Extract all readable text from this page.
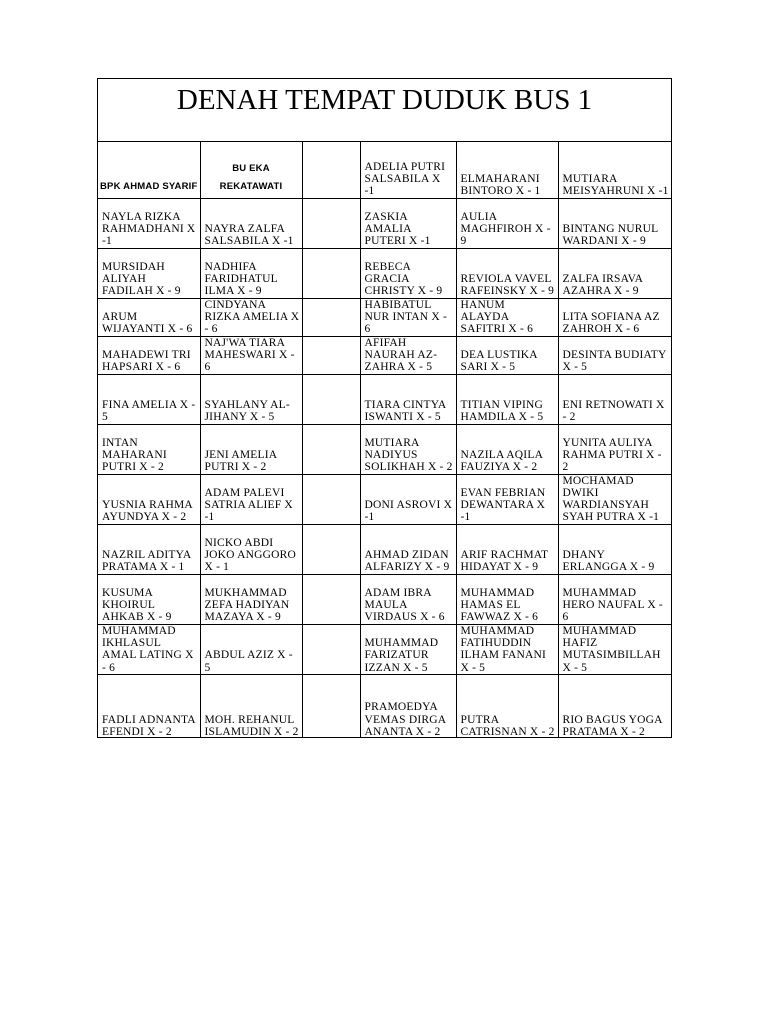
DENAH TEMPAT DUDUK BUS 1
BPK AHMAD SYARIF	BU EKA REKATAWATI		ADELIA PUTRI SALSABILA X -1	ELMAHARANI BINTORO X - 1	MUTIARA MEISYAHRUNI X -1
NAYLA RIZKA RAHMADHANI X -1	NAYRA ZALFA SALSABILA X -1		ZASKIA AMALIA PUTERI X -1	AULIA MAGHFIROH X - 9	BINTANG NURUL WARDANI X - 9
MURSIDAH ALIYAH FADILAH X - 9	NADHIFA FARIDHATUL ILMA X - 9		REBECA GRACIA CHRISTY X - 9	REVIOLA VAVEL RAFEINSKY X - 9	ZALFA IRSAVA AZAHRA X - 9
ARUM WIJAYANTI X - 6	CINDYANA RIZKA AMELIA X - 6		HABIBATUL NUR INTAN X - 6	HANUM ALAYDA SAFITRI X - 6	LITA SOFIANA AZ ZAHROH X - 6
MAHADEWI TRI HAPSARI X - 6	NAJ'WA TIARA MAHESWARI X - 6		AFIFAH NAURAH AZ-ZAHRA X - 5	DEA LUSTIKA SARI X - 5	DESINTA BUDIATY X - 5
FINA AMELIA X - 5	SYAHLANY AL-JIHANY X - 5		TIARA CINTYA ISWANTI X - 5	TITIAN VIPING HAMDILA X - 5	ENI RETNOWATI X - 2
INTAN MAHARANI PUTRI X - 2	JENI AMELIA PUTRI X - 2		MUTIARA NADIYUS SOLIKHAH X - 2	NAZILA AQILA FAUZIYA X - 2	YUNITA AULIYA RAHMA PUTRI X - 2
YUSNIA RAHMA AYUNDYA X - 2	ADAM PALEVI SATRIA ALIEF X -1		DONI ASROVI X -1	EVAN FEBRIAN DEWANTARA X -1	MOCHAMAD DWIKI WARDIANSYAH SYAH PUTRA X -1
NAZRIL ADITYA PRATAMA X - 1	NICKO ABDI JOKO ANGGORO X - 1		AHMAD ZIDAN ALFARIZY X - 9	ARIF RACHMAT HIDAYAT X - 9	DHANY ERLANGGA X - 9
KUSUMA KHOIRUL AHKAB X - 9	MUKHAMMAD ZEFA HADIYAN MAZAYA X - 9		ADAM IBRA MAULA VIRDAUS X - 6	MUHAMMAD HAMAS EL FAWWAZ X - 6	MUHAMMAD HERO NAUFAL X - 6
MUHAMMAD IKHLASUL AMAL LATING X - 6	ABDUL AZIZ X - 5		MUHAMMAD FARIZATUR IZZAN X - 5	MUHAMMAD FATIHUDDIN ILHAM FANANI X - 5	MUHAMMAD HAFIZ MUTASIMBILLAH X - 5
FADLI ADNANTA EFENDI X - 2	MOH. REHANUL ISLAMUDIN X - 2		PRAMOEDYA VEMAS DIRGA ANANTA X - 2	PUTRA CATRISNAN X - 2	RIO BAGUS YOGA PRATAMA X - 2
